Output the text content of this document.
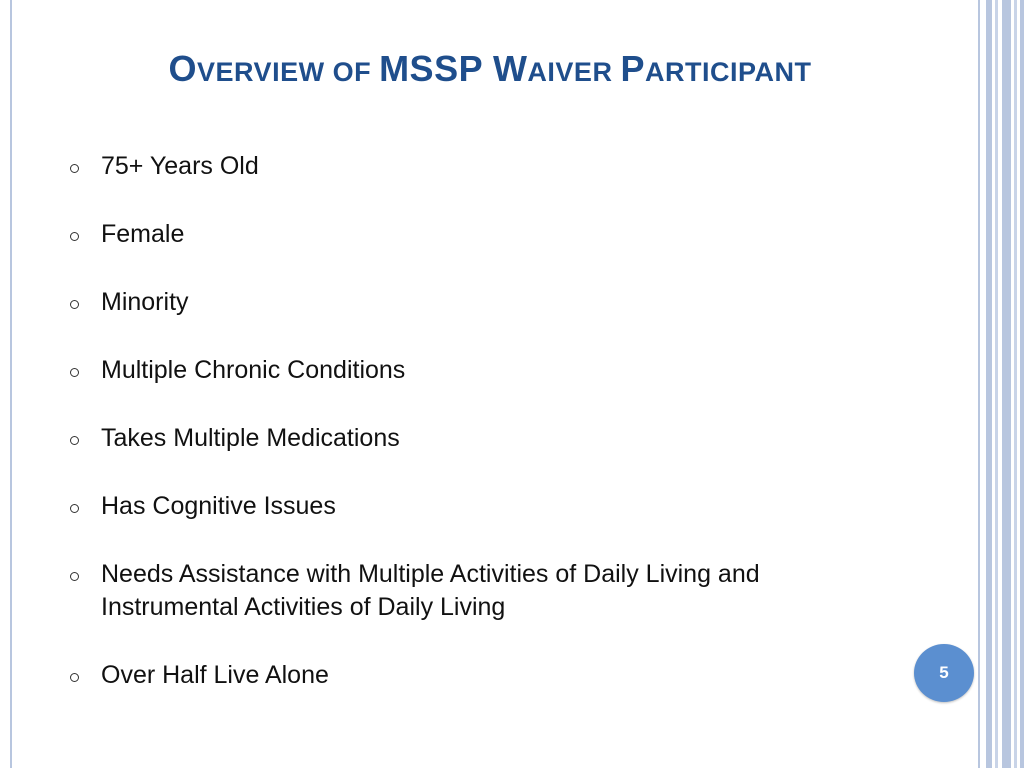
OVERVIEW OF MSSP WAIVER PARTICIPANT
75+ Years Old
Female
Minority
Multiple Chronic Conditions
Takes Multiple Medications
Has Cognitive Issues
Needs Assistance with Multiple Activities of Daily Living and
Instrumental Activities of Daily Living
Over Half Live Alone	5
